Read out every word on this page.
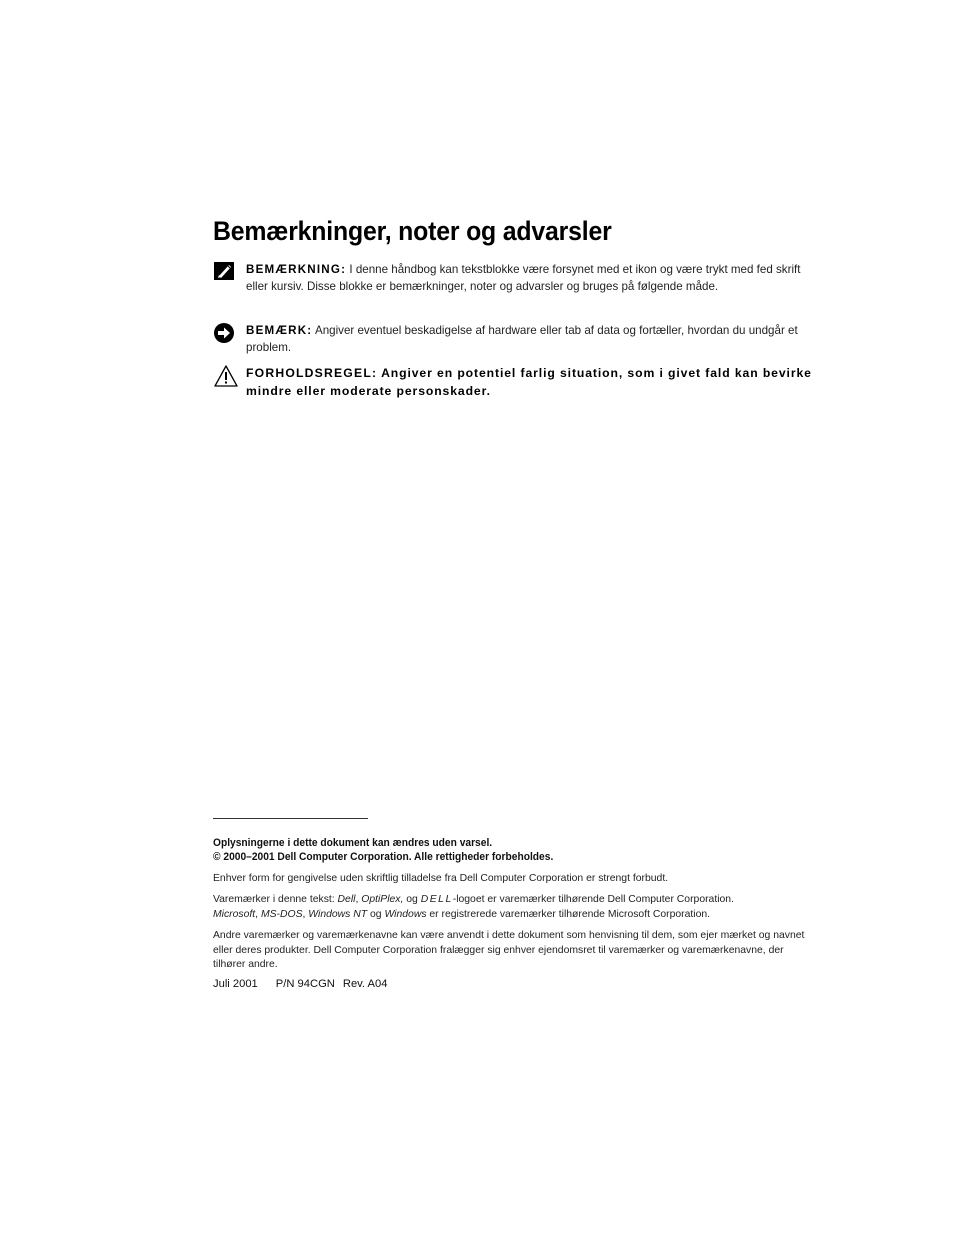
Bemærkninger, noter og advarsler
BEMÆRKNING: I denne håndbog kan tekstblokke være forsynet med et ikon og være trykt med fed skrift eller kursiv. Disse blokke er bemærkninger, noter og advarsler og bruges på følgende måde.
BEMÆRK: Angiver eventuel beskadigelse af hardware eller tab af data og fortæller, hvordan du undgår et problem.
FORHOLDSREGEL: Angiver en potentiel farlig situation, som i givet fald kan bevirke mindre eller moderate personskader.
Oplysningerne i dette dokument kan ændres uden varsel.
© 2000–2001 Dell Computer Corporation. Alle rettigheder forbeholdes.
Enhver form for gengivelse uden skriftlig tilladelse fra Dell Computer Corporation er strengt forbudt.
Varemærker i denne tekst: Dell, OptiPlex, og DELL-logoet er varemærker tilhørende Dell Computer Corporation.
Microsoft, MS-DOS, Windows NT og Windows er registrerede varemærker tilhørende Microsoft Corporation.
Andre varemærker og varemærkenavne kan være anvendt i dette dokument som henvisning til dem, som ejer mærket og navnet eller deres produkter. Dell Computer Corporation fralægger sig enhver ejendomsret til varemærker og varemærkenavne, der tilhører andre.
Juli 2001 P/N 94CGN Rev. A04
